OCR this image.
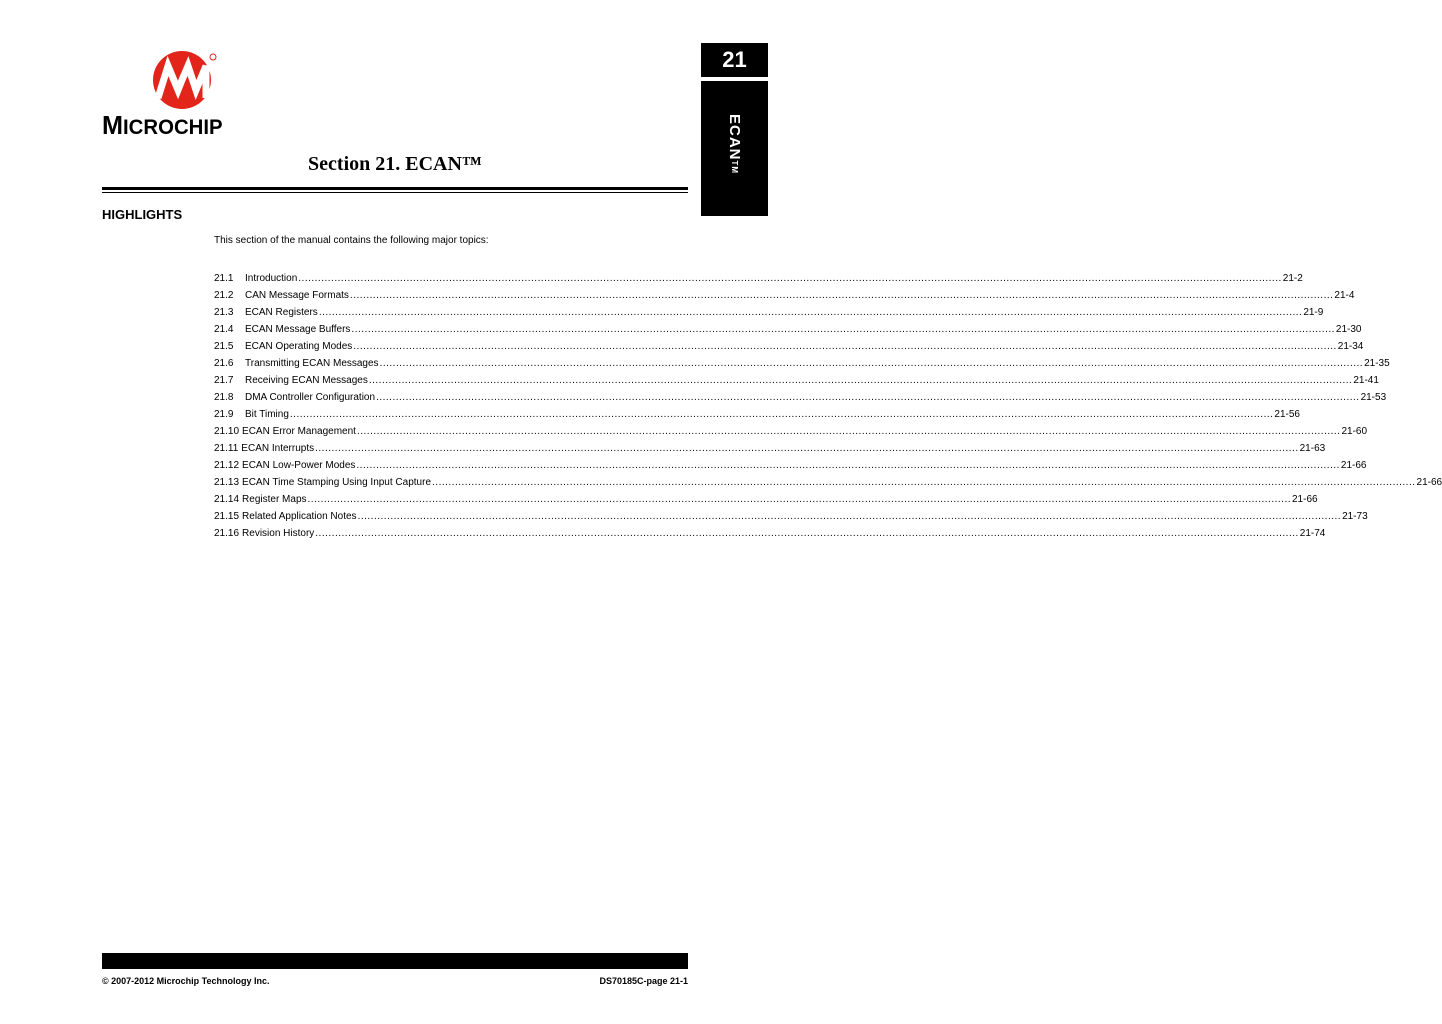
MICROCHIP
21
ECANTM
Section 21. ECAN™
HIGHLIGHTS
This section of the manual contains the following major topics:
21.1	Introduction ............................................................................................................................................................................................................................................................................................................ 21-2
21.2	CAN Message Formats ............................................................................................................................................................................................................................................................................................................ 21-4
21.3	ECAN Registers ............................................................................................................................................................................................................................................................................................................ 21-9
21.4	ECAN Message Buffers ............................................................................................................................................................................................................................................................................................................ 21-30
21.5	ECAN Operating Modes ............................................................................................................................................................................................................................................................................................................ 21-34
21.6	Transmitting ECAN Messages ............................................................................................................................................................................................................................................................................................................ 21-35
21.7	Receiving ECAN Messages ............................................................................................................................................................................................................................................................................................................ 21-41
21.8	DMA Controller Configuration ............................................................................................................................................................................................................................................................................................................ 21-53
21.9	Bit Timing ............................................................................................................................................................................................................................................................................................................ 21-56
21.10 ECAN Error Management ............................................................................................................................................................................................................................................................................................................ 21-60
21.11 ECAN Interrupts ............................................................................................................................................................................................................................................................................................................ 21-63
21.12 ECAN Low-Power Modes ............................................................................................................................................................................................................................................................................................................ 21-66
21.13 ECAN Time Stamping Using Input Capture ............................................................................................................................................................................................................................................................................................................ 21-66
21.14 Register Maps ............................................................................................................................................................................................................................................................................................................ 21-66
21.15 Related Application Notes ............................................................................................................................................................................................................................................................................................................ 21-73
21.16 Revision History ............................................................................................................................................................................................................................................................................................................ 21-74
© 2007-2012 Microchip Technology Inc.	DS70185C-page 21-1
